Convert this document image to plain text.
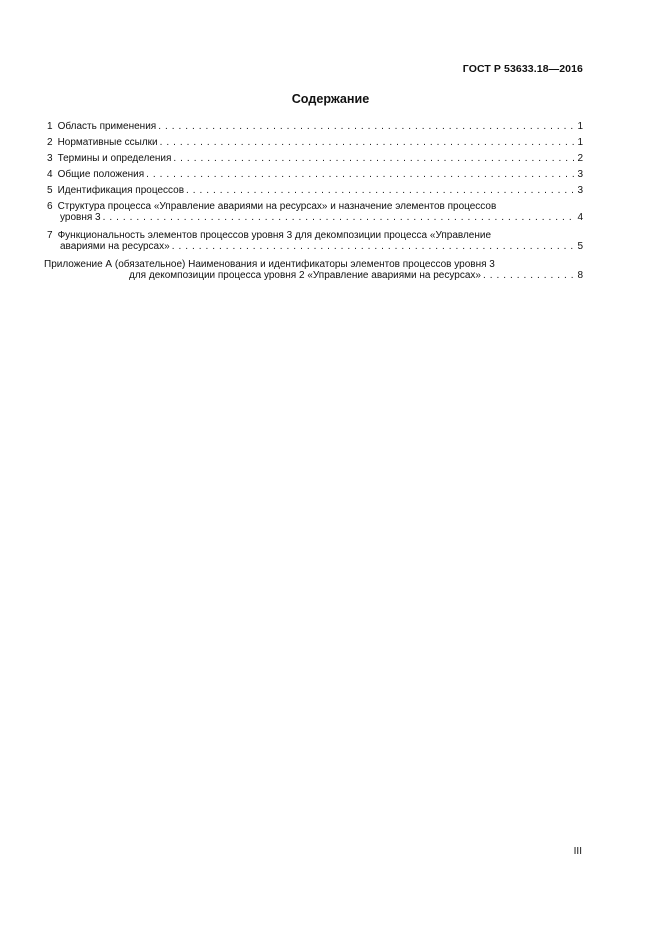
ГОСТ Р 53633.18—2016
Содержание
1 Область применения . . .	1
2 Нормативные ссылки . . .	1
3 Термины и определения . . .	2
4 Общие положения . . .	3
5 Идентификация процессов . . .	3
6 Структура процесса «Управление авариями на ресурсах» и назначение элементов процессов
уровня 3 . . .	4
7 Функциональность элементов процессов уровня 3 для декомпозиции процесса «Управление
авариями на ресурсах» . . .	5
Приложение А (обязательное) Наименования и идентификаторы элементов процессов уровня 3
для декомпозиции процесса уровня 2 «Управление авариями на ресурсах» . . .	8
III
